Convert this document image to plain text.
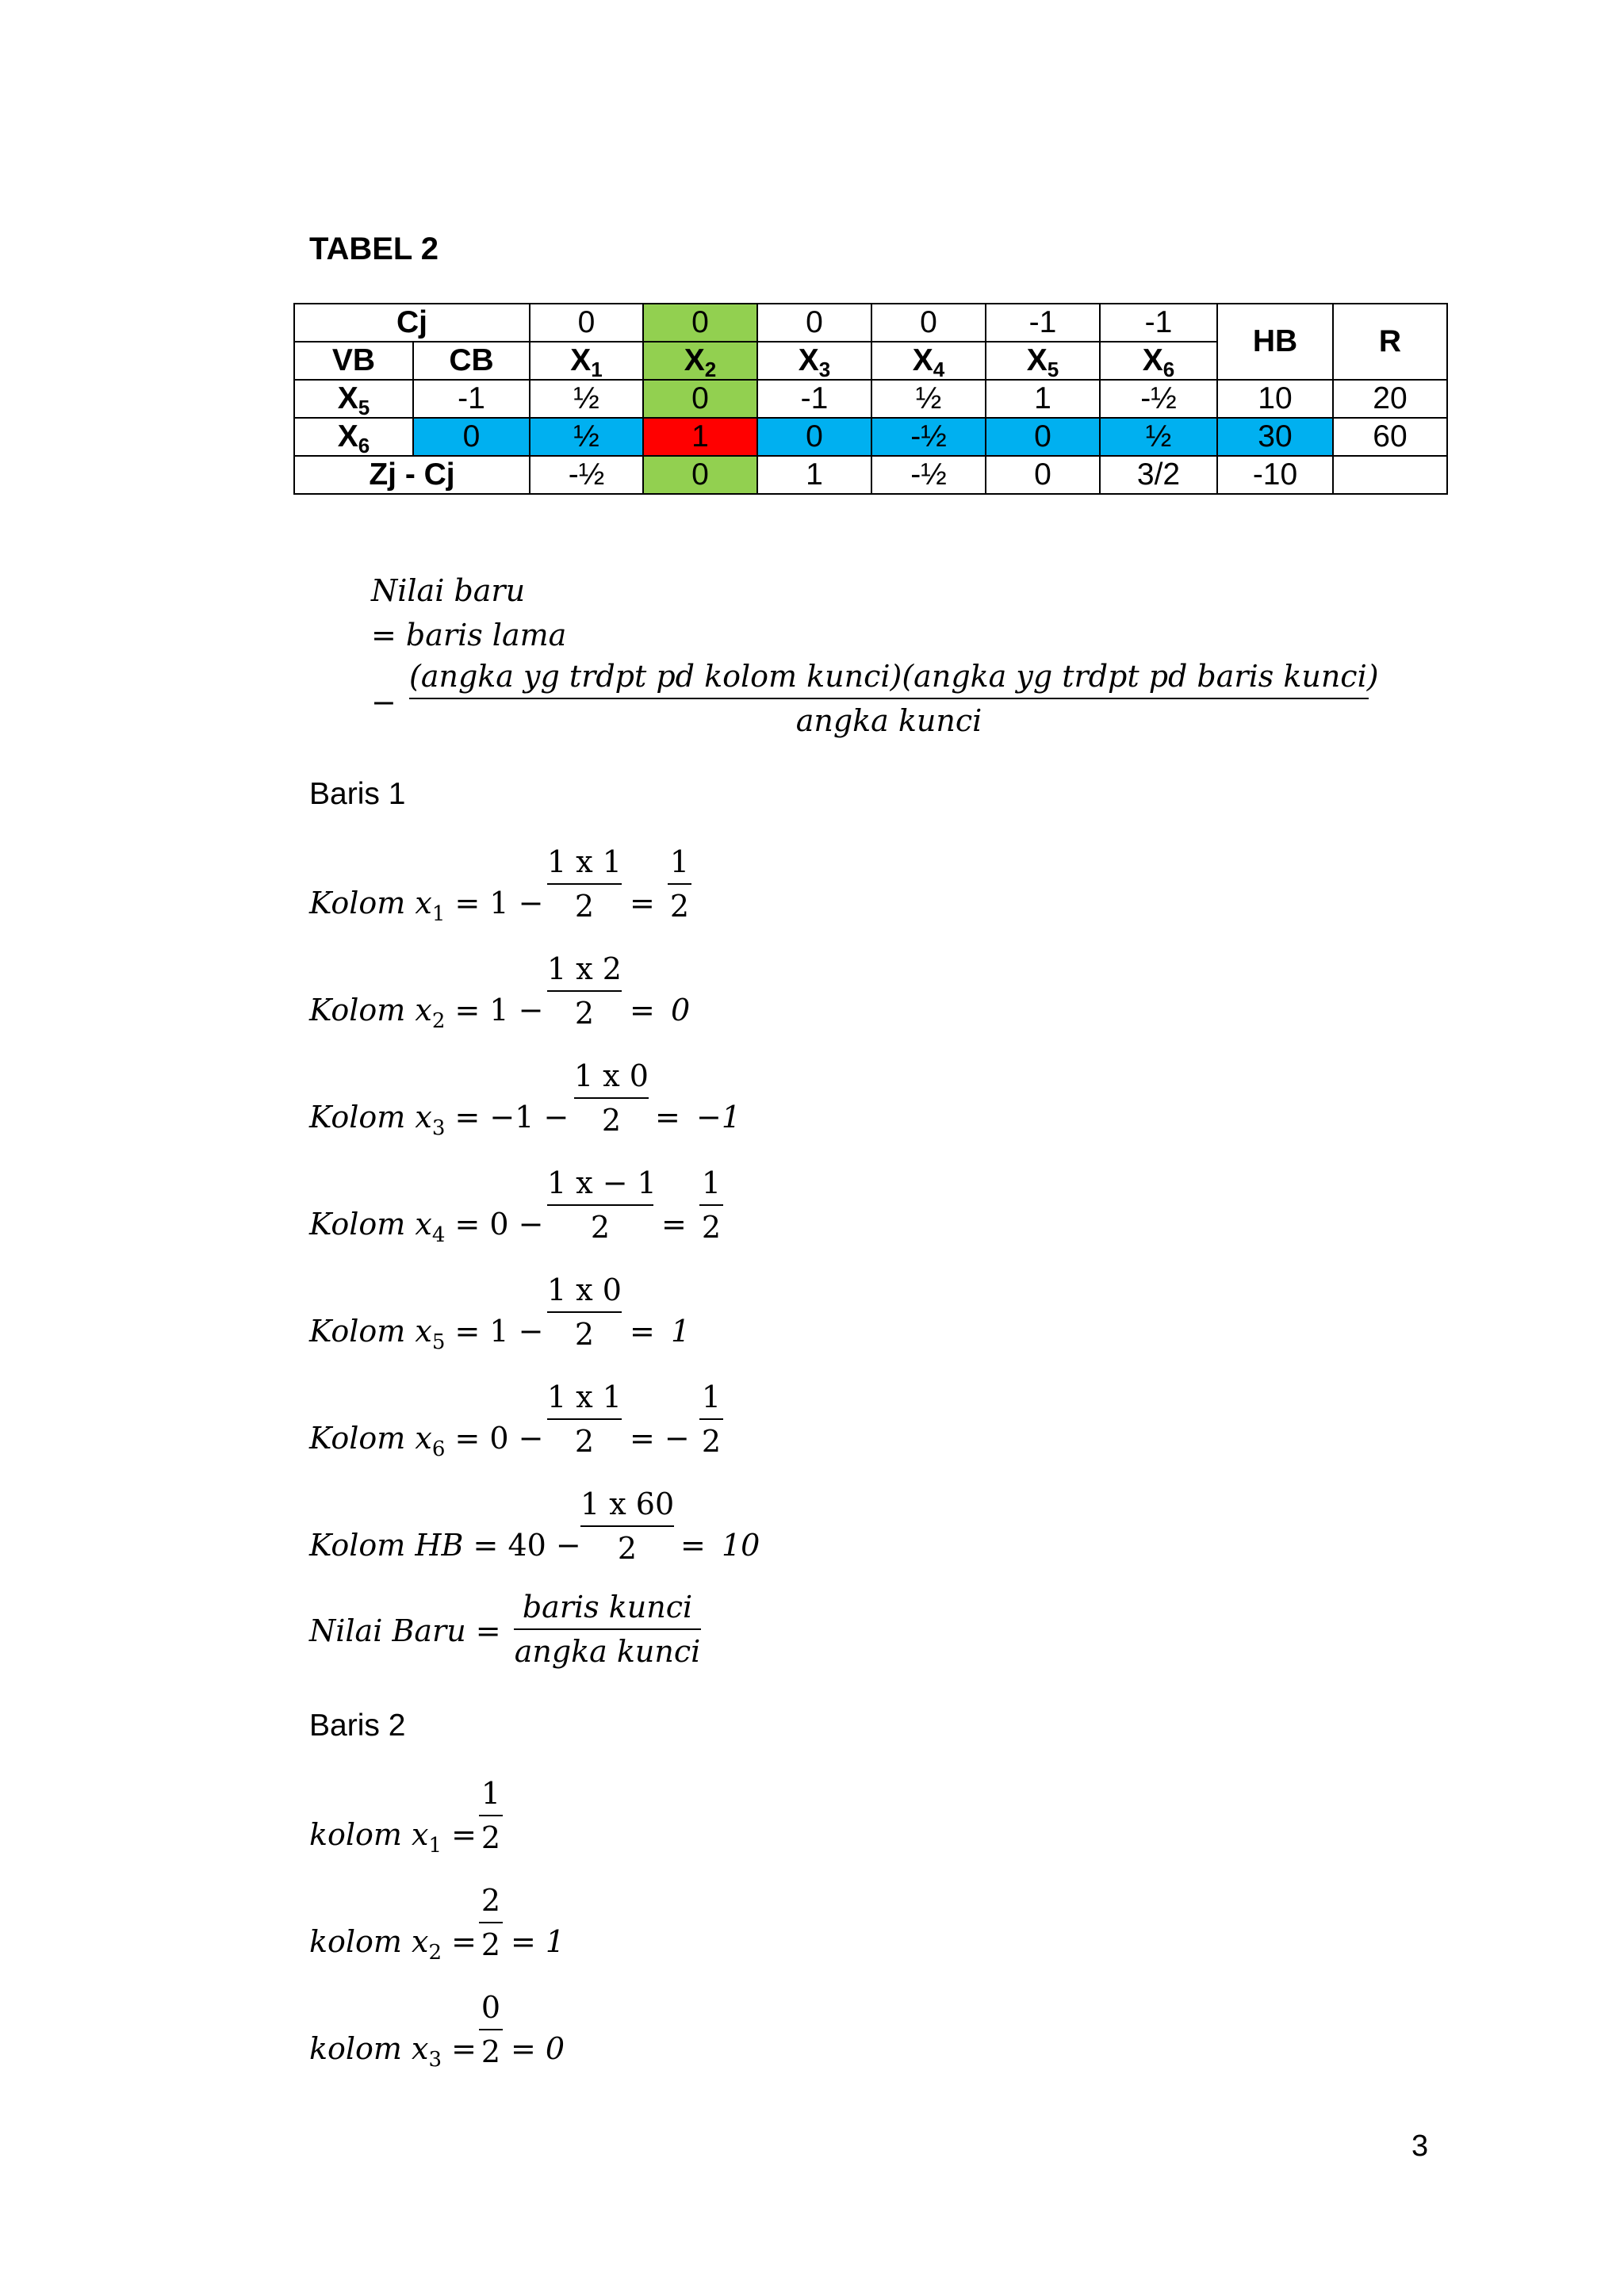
TABEL 2
Cj		0	0	0	0	-1	-1	HB	R
VB	CB	$X_1$	$X_2$	$X_3$	$X_4$	$X_5$	$X_6$
$X_5$	-1	½	0	-1	½	1	-½	10	20
$X_6$	0	½	1	0	-½	0	½	30	60
Zj - Cj		-½	0	1	-½	0	3/2	-10	
Nilai baru
= baris lama
−
(angka yg trdpt pd kolom kunci)(angka yg trdpt pd baris kunci)
angka kunci
Baris 1
Kolom $x_1 = 1$ −
1 x 1
2	=
1
2
Kolom $x_2 = 1$ −
1 x 2
2	= 0
Kolom $x_3 = -1$ −
1 x 0
2	= −1
Kolom $x_4 = 0$ −
1 x − 1
2	=
1
2
Kolom $x_5 = 1$ −
1 x 0
2	= 1
Kolom $x_6 = 0$ −
1 x 1
2	= −
1
2
Kolom HB = 40 −
1 x 60
2	= 10
Nilai Baru =
baris kunci
angka kunci
Baris 2
kolom $x_1$ =
1
2
kolom $x_2$ =
2
2 = 1
kolom $x_3$ =
0
2 = 0
3
